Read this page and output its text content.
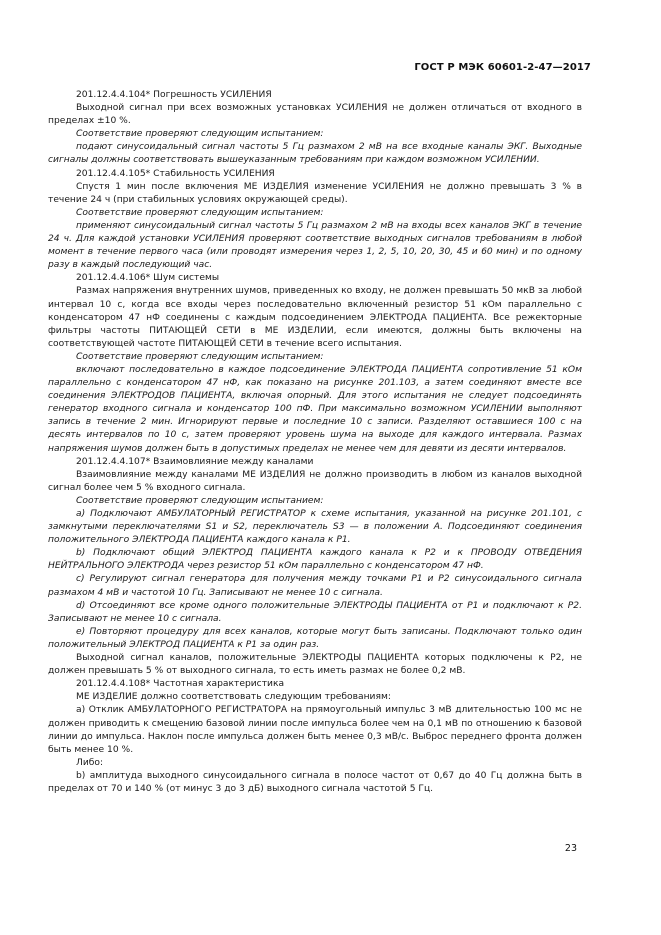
ГОСТ Р МЭК 60601-2-47—2017

201.12.4.4.104* Погрешность УСИЛЕНИЯ

Выходной сигнал при всех возможных установках УСИЛЕНИЯ не должен отличаться от входного в пределах ±10 %.

Соответствие проверяют следующим испытанием:

подают синусоидальный сигнал частоты 5 Гц размахом 2 мВ на все входные каналы ЭКГ. Выходные сигналы должны соответствовать вышеуказанным требованиям при каждом возможном УСИЛЕНИИ.

201.12.4.4.105* Стабильность УСИЛЕНИЯ

Спустя 1 мин после включения МЕ ИЗДЕЛИЯ изменение УСИЛЕНИЯ не должно превышать 3 % в течение 24 ч (при стабильных условиях окружающей среды).

Соответствие проверяют следующим испытанием:

применяют синусоидальный сигнал частоты 5 Гц размахом 2 мВ на входы всех каналов ЭКГ в течение 24 ч. Для каждой установки УСИЛЕНИЯ проверяют соответствие выходных сигналов требованиям в любой момент в течение первого часа (или проводят измерения через 1, 2, 5, 10, 20, 30, 45 и 60 мин) и по одному разу в каждый последующий час.

201.12.4.4.106* Шум системы

Размах напряжения внутренних шумов, приведенных ко входу, не должен превышать 50 мкВ за любой интервал 10 с, когда все входы через последовательно включенный резистор 51 кОм параллельно с конденсатором 47 нФ соединены с каждым подсоединением ЭЛЕКТРОДА ПАЦИЕНТА. Все режекторные фильтры частоты ПИТАЮЩЕЙ СЕТИ в МЕ ИЗДЕЛИИ, если имеются, должны быть включены на соответствующей частоте ПИТАЮЩЕЙ СЕТИ в течение всего испытания.

Соответствие проверяют следующим испытанием:

включают последовательно в каждое подсоединение ЭЛЕКТРОДА ПАЦИЕНТА сопротивление 51 кОм параллельно с конденсатором 47 нФ, как показано на рисунке 201.103, а затем соединяют вместе все соединения ЭЛЕКТРОДОВ ПАЦИЕНТА, включая опорный. Для этого испытания не следует подсоединять генератор входного сигнала и конденсатор 100 пФ. При максимально возможном УСИЛЕНИИ выполняют запись в течение 2 мин. Игнорируют первые и последние 10 с записи. Разделяют оставшиеся 100 с на десять интервалов по 10 с, затем проверяют уровень шума на выходе для каждого интервала. Размах напряжения шумов должен быть в допустимых пределах не менее чем для девяти из десяти интервалов.

201.12.4.4.107* Взаимовлияние между каналами

Взаимовлияние между каналами МЕ ИЗДЕЛИЯ не должно производить в любом из каналов выходной сигнал более чем 5 % входного сигнала.

Соответствие проверяют следующим испытанием:

а) Подключают АМБУЛАТОРНЫЙ РЕГИСТРАТОР к схеме испытания, указанной на рисунке 201.101, с замкнутыми переключателями S1 и S2, переключатель S3 — в положении А. Подсоединяют соединения положительного ЭЛЕКТРОДА ПАЦИЕНТА каждого канала к Р1.

b) Подключают общий ЭЛЕКТРОД ПАЦИЕНТА каждого канала к Р2 и к ПРОВОДУ ОТВЕДЕНИЯ НЕЙТРАЛЬНОГО ЭЛЕКТРОДА через резистор 51 кОм параллельно с конденсатором 47 нФ.

c) Регулируют сигнал генератора для получения между точками Р1 и Р2 синусоидального сигнала размахом 4 мВ и частотой 10 Гц. Записывают не менее 10 с сигнала.

d) Отсоединяют все кроме одного положительные ЭЛЕКТРОДЫ ПАЦИЕНТА от Р1 и подключают к Р2. Записывают не менее 10 с сигнала.

e) Повторяют процедуру для всех каналов, которые могут быть записаны. Подключают только один положительный ЭЛЕКТРОД ПАЦИЕНТА к Р1 за один раз.

Выходной сигнал каналов, положительные ЭЛЕКТРОДЫ ПАЦИЕНТА которых подключены к Р2, не должен превышать 5 % от выходного сигнала, то есть иметь размах не более 0,2 мВ.

201.12.4.4.108* Частотная характеристика

МЕ ИЗДЕЛИЕ должно соответствовать следующим требованиям:

а) Отклик АМБУЛАТОРНОГО РЕГИСТРАТОРА на прямоугольный импульс 3 мВ длительностью 100 мс не должен приводить к смещению базовой линии после импульса более чем на 0,1 мВ по отношению к базовой линии до импульса. Наклон после импульса должен быть менее 0,3 мВ/с. Выброс переднего фронта должен быть менее 10 %.

Либо:

b) амплитуда выходного синусоидального сигнала в полосе частот от 0,67 до 40 Гц должна быть в пределах от 70 и 140 % (от минус 3 до 3 дБ) выходного сигнала частотой 5 Гц.

23
